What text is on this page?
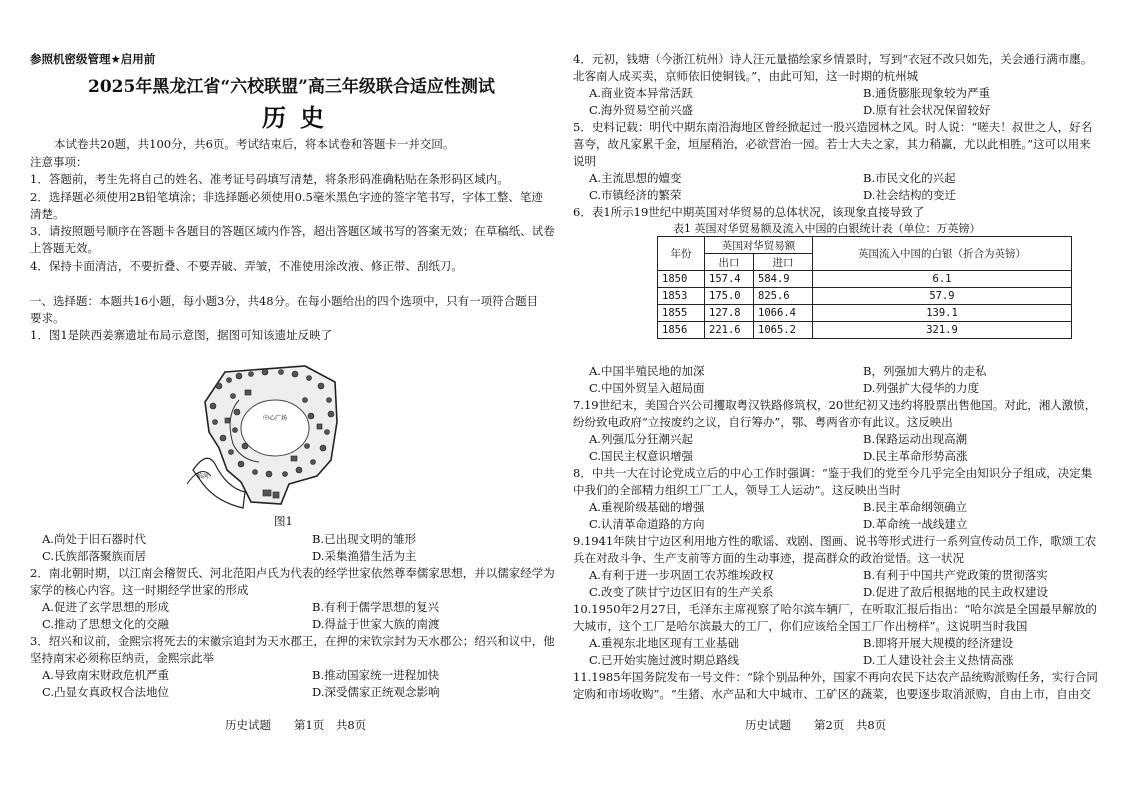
参照机密级管理★启用前
2025年黑龙江省“六校联盟”高三年级联合适应性测试
历史
本试卷共20题，共100分，共6页。考试结束后，将本试卷和答题卡一并交回。
注意事项：
1．答题前，考生先将自己的姓名、准考证号码填写清楚，将条形码准确粘贴在条形码区域内。
2．选择题必须使用2B铅笔填涂；非选择题必须使用0.5毫米黑色字迹的签字笔书写，字体工整、笔迹
清楚。
3．请按照题号顺序在答题卡各题目的答题区域内作答，超出答题区域书写的答案无效；在草稿纸、试卷
上答题无效。
4．保持卡面清洁，不要折叠、不要弄破、弄皱，不准使用涂改液、修正带、刮纸刀。
一、选择题：本题共16小题，每小题3分，共48分。在每小题给出的四个选项中，只有一项符合题目
要求。
1．图1是陕西姜寨遗址布局示意图，据图可知该遗址反映了
图1
A.尚处于旧石器时代	B.已出现文明的雏形
C.氏族部落聚族而居	D.采集渔猎生活为主
2．南北朝时期，以江南会稽贺氏、河北范阳卢氏为代表的经学世家依然尊奉儒家思想，并以儒家经学为
家学的核心内容。这一时期经学世家的形成
A.促进了玄学思想的形成	B.有利于儒学思想的复兴
C.推动了思想文化的交融	D.得益于世家大族的南渡
3．绍兴和议前，金熙宗将死去的宋徽宗追封为天水郡王，在押的宋钦宗封为天水郡公；绍兴和议中，他
坚持南宋必须称臣纳贡，金熙宗此举
A.导致南宋财政危机严重	B.推动国家统一进程加快
C.凸显女真政权合法地位	D.深受儒家正统观念影响
历史试题　　第1页　共8页
中心广场
临河
4．元初，钱塘（今浙江杭州）诗人汪元量描绘家乡情景时，写到“衣冠不改只如先，关会通行满市廛。
北客南人成买卖，京师依旧使铜钱。”，由此可知，这一时期的杭州城
A.商业资本异常活跃	B.通货膨胀现象较为严重
C.海外贸易空前兴盛	D.原有社会状况保留较好
5．史料记载：明代中期东南沿海地区曾经掀起过一股兴造园林之风。时人说：“嗟夫！叔世之人，好名
喜夸，故凡家累千金，垣屋稍治，必欲营治一园。若士大夫之家，其力稍赢，尤以此相胜。”这可以用来
说明
A.主流思想的嬗变	B.市民文化的兴起
C.市镇经济的繁荣	D.社会结构的变迁
6．表1所示19世纪中期英国对华贸易的总体状况，该现象直接导致了
表1 英国对华贸易额及流入中国的白银统计表（单位：万英镑）
年份	英国对华贸易额		英国流入中国的白银（折合为英镑）
	出口	进口	
1850	157.4	584.9	6.1
1853	175.0	825.6	57.9
1855	127.8	1066.4	139.1
1856	221.6	1065.2	321.9
A.中国半殖民地的加深	B，列强加大鸦片的走私
C.中国外贸呈入超局面	D.列强扩大侵华的力度
7.19世纪末，美国合兴公司攫取粤汉铁路修筑权，20世纪初又违约将股票出售他国。对此，湘人激愤，
纷纷致电政府“立按废约之议，自行筹办”，鄂、粤两省亦有此议。这反映出
A.列强瓜分狂潮兴起	B.保路运动出现高潮
C.国民主权意识增强	D.民主革命形势高涨
8．中共一大在讨论党成立后的中心工作时强调：“鉴于我们的党至今几乎完全由知识分子组成，决定集
中我们的全部精力组织工厂工人，领导工人运动”。这反映出当时
A.重视阶级基础的增强	B.民主革命纲领确立
C.认清革命道路的方向	D.革命统一战线建立
9.1941年陕甘宁边区利用地方性的歌谣、戏剧、图画、说书等形式进行一系列宣传动员工作，歌颂工农
兵在对敌斗争、生产支前等方面的生动事迹，提高群众的政治觉悟。这一状况
A.有利于进一步巩固工农苏维埃政权	B.有利于中国共产党政策的贯彻落实
C.改变了陕甘宁边区旧有的生产关系	D.促进了敌后根据地的民主政权建设
10.1950年2月27日，毛泽东主席视察了哈尔滨车辆厂，在听取汇报后指出：“哈尔滨是全国最早解放的
大城市，这个工厂是哈尔滨最大的工厂，你们应该给全国工厂作出榜样”。这说明当时我国
A.重视东北地区现有工业基础	B.即将开展大规模的经济建设
C.已开始实施过渡时期总路线	D.工人建设社会主义热情高涨
11.1985年国务院发布一号文件：“除个别品种外，国家不再向农民下达农产品统购派购任务，实行合同
定购和市场收购”。“生猪、水产品和大中城市、工矿区的蔬菜，也要逐步取消派购，自由上市，自由交
历史试题　　第2页　共8页
